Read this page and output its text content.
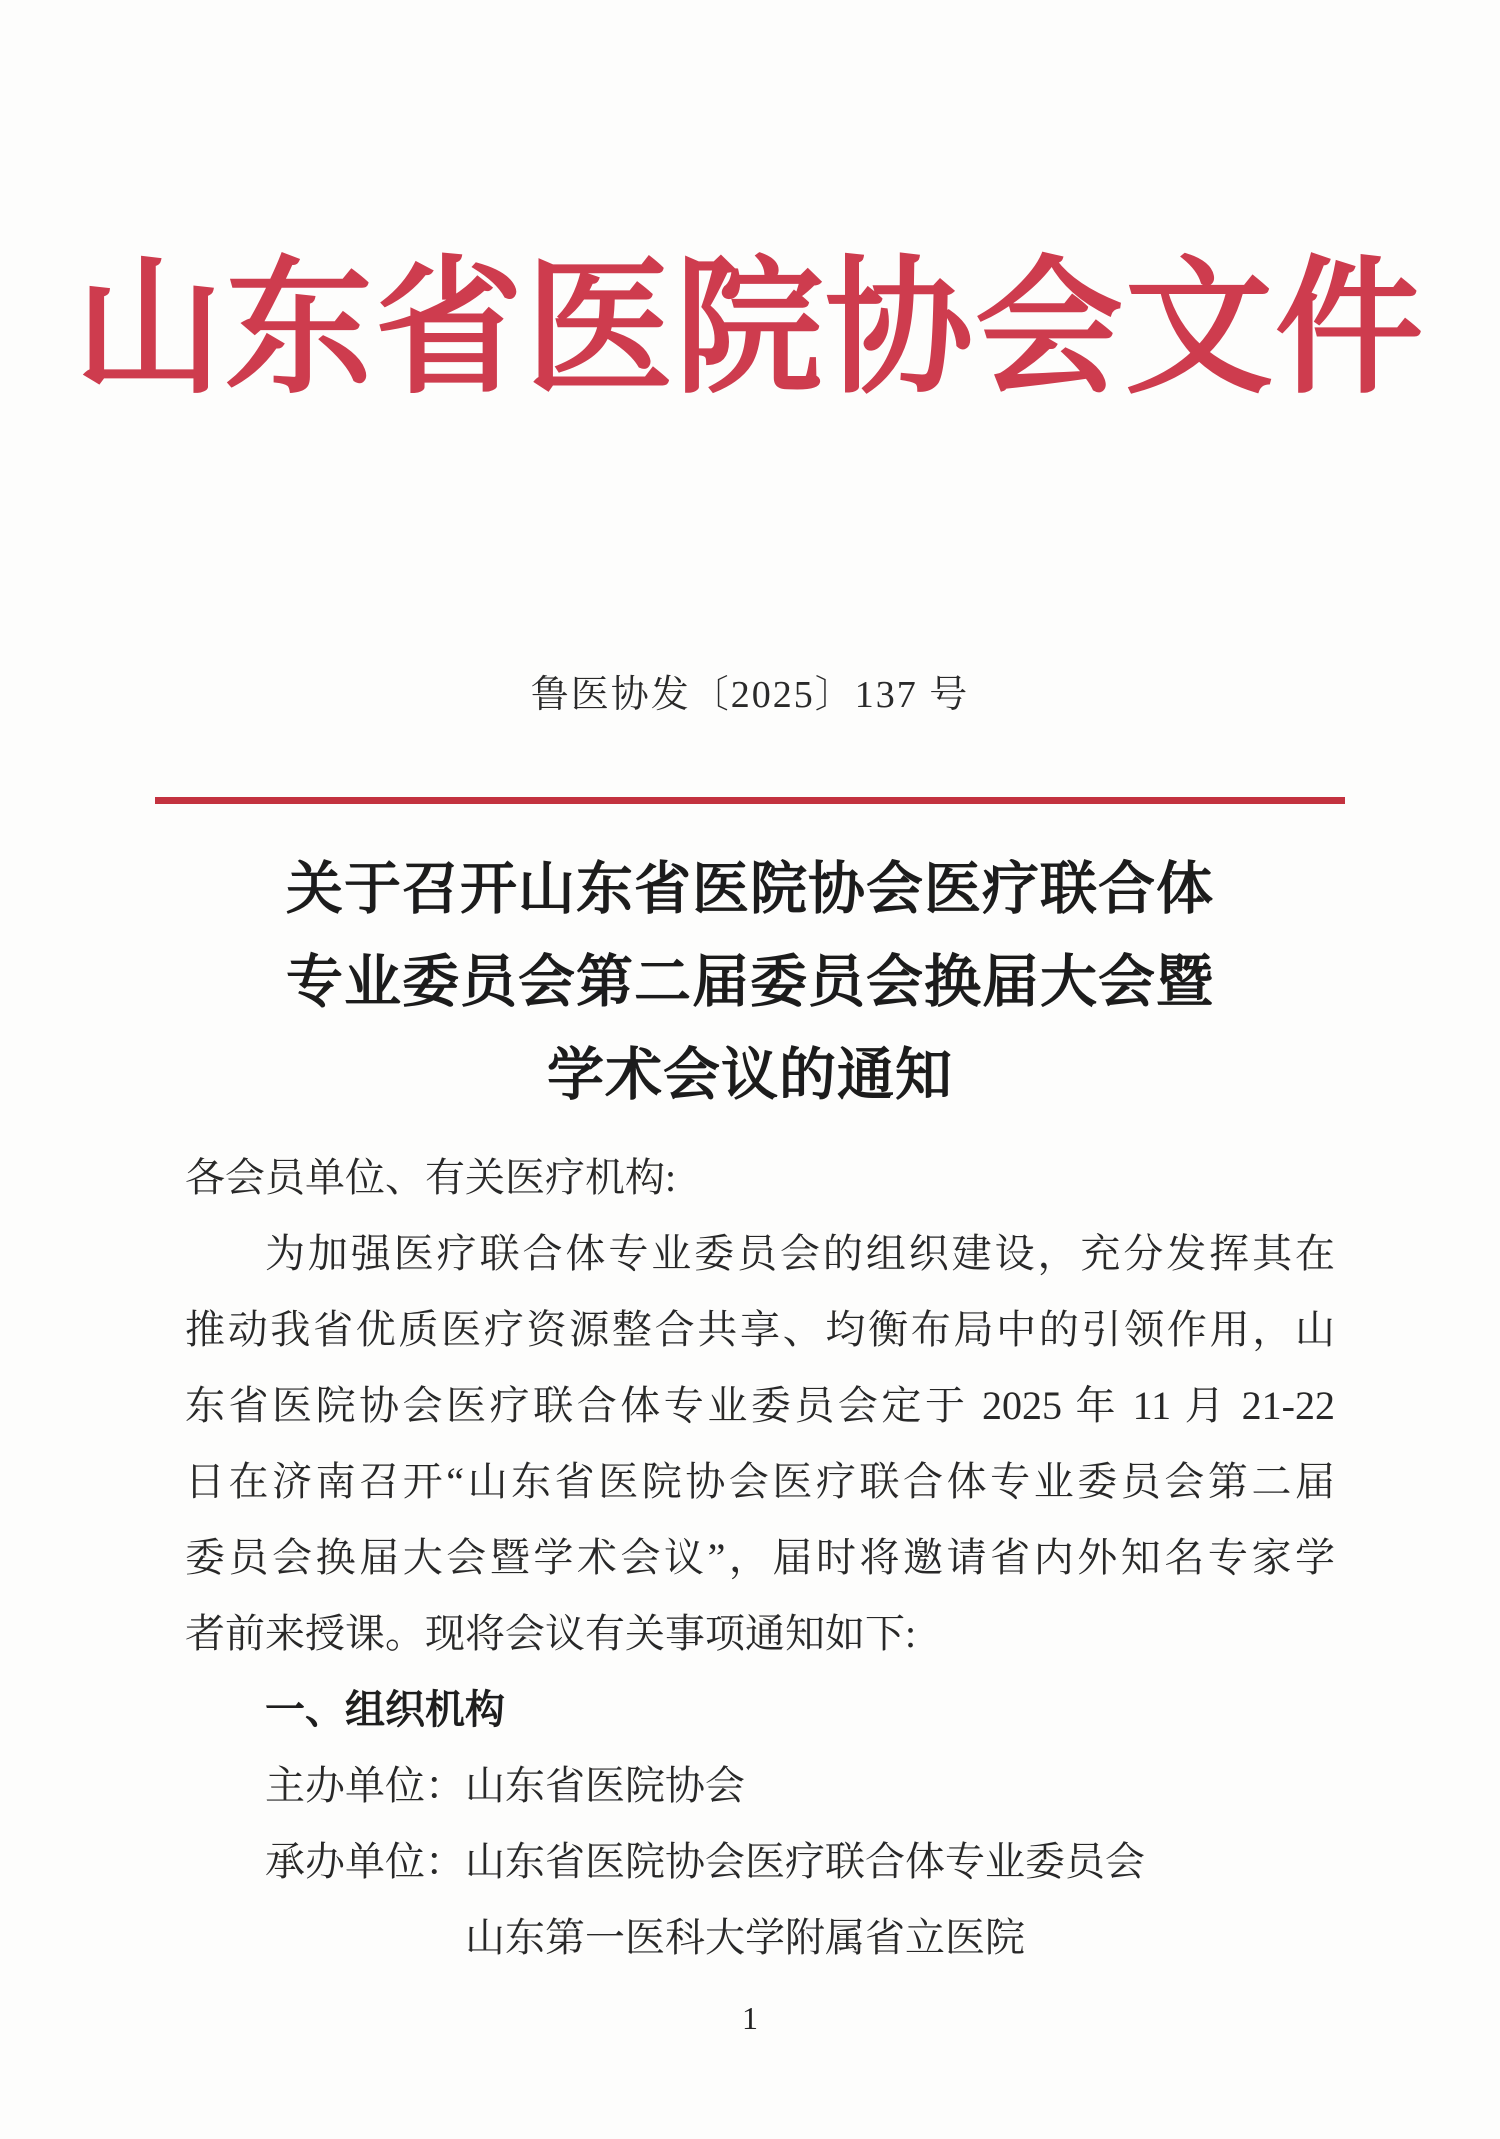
山东省医院协会文件
鲁医协发〔2025〕137 号
关于召开山东省医院协会医疗联合体
专业委员会第二届委员会换届大会暨
学术会议的通知
各会员单位、有关医疗机构:
为加强医疗联合体专业委员会的组织建设，充分发挥其在
推动我省优质医疗资源整合共享、均衡布局中的引领作用，山
东省医院协会医疗联合体专业委员会定于 2025 年 11 月 21-22
日在济南召开“山东省医院协会医疗联合体专业委员会第二届
委员会换届大会暨学术会议”，届时将邀请省内外知名专家学
者前来授课。现将会议有关事项通知如下:
一、组织机构
主办单位：山东省医院协会
承办单位：山东省医院协会医疗联合体专业委员会
山东第一医科大学附属省立医院
1
